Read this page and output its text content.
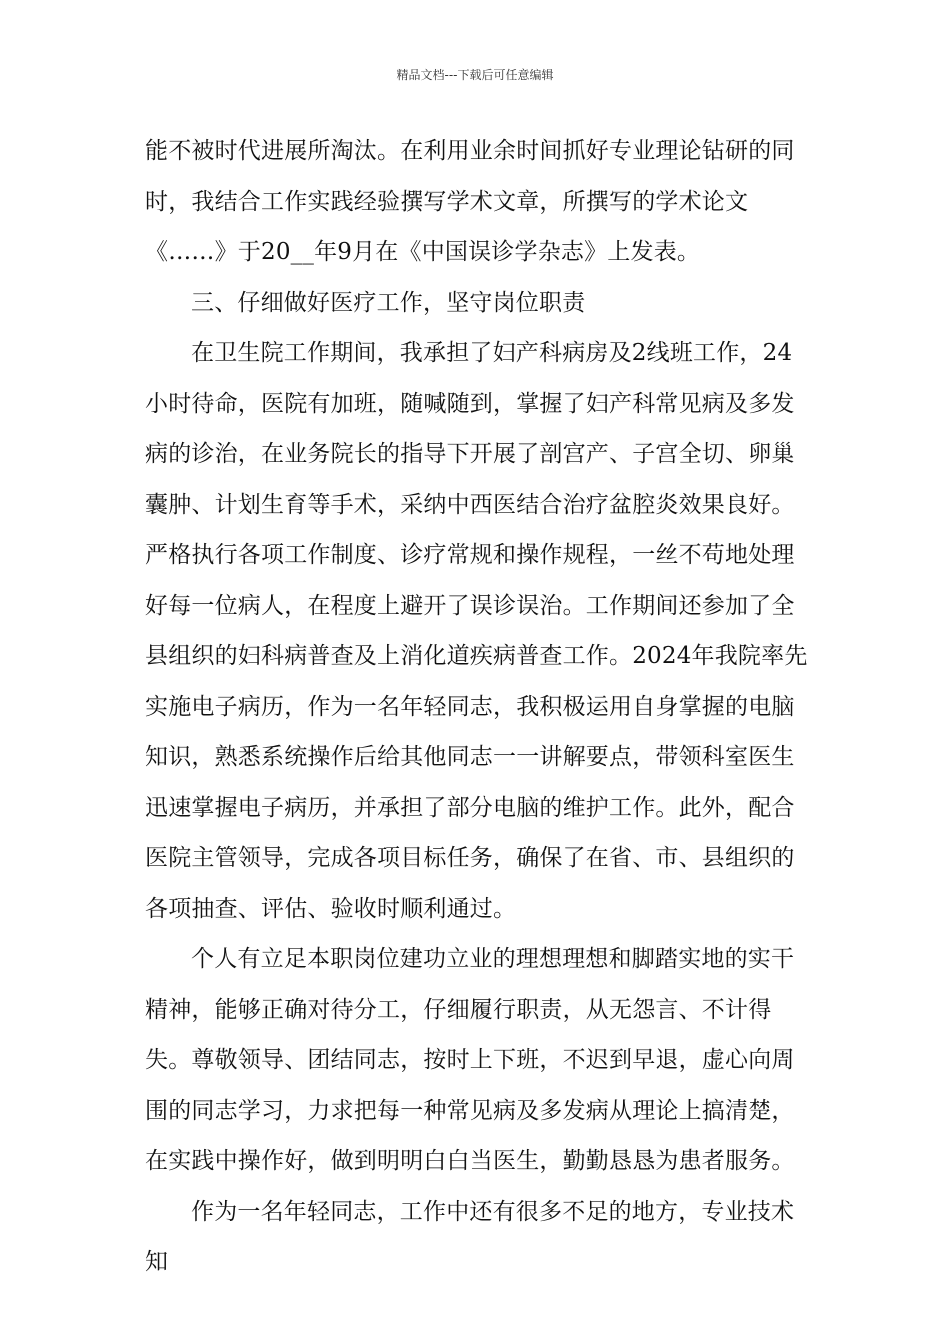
精品文档---下载后可任意编辑

能不被时代进展所淘汰。在利用业余时间抓好专业理论钻研的同时，我结合工作实践经验撰写学术文章，所撰写的学术论文《……》于20__年9月在《中国误诊学杂志》上发表。

三、仔细做好医疗工作，坚守岗位职责

在卫生院工作期间，我承担了妇产科病房及2线班工作，24小时待命，医院有加班，随喊随到，掌握了妇产科常见病及多发病的诊治，在业务院长的指导下开展了剖宫产、子宫全切、卵巢囊肿、计划生育等手术，采纳中西医结合治疗盆腔炎效果良好。严格执行各项工作制度、诊疗常规和操作规程，一丝不苟地处理好每一位病人，在程度上避开了误诊误治。工作期间还参加了全县组织的妇科病普查及上消化道疾病普查工作。2024年我院率先实施电子病历，作为一名年轻同志，我积极运用自身掌握的电脑知识，熟悉系统操作后给其他同志一一讲解要点，带领科室医生迅速掌握电子病历，并承担了部分电脑的维护工作。此外，配合医院主管领导，完成各项目标任务，确保了在省、市、县组织的各项抽查、评估、验收时顺利通过。

个人有立足本职岗位建功立业的理想理想和脚踏实地的实干精神，能够正确对待分工，仔细履行职责，从无怨言、不计得失。尊敬领导、团结同志，按时上下班，不迟到早退，虚心向周围的同志学习，力求把每一种常见病及多发病从理论上搞清楚，在实践中操作好，做到明明白白当医生，勤勤恳恳为患者服务。

作为一名年轻同志，工作中还有很多不足的地方，专业技术知
